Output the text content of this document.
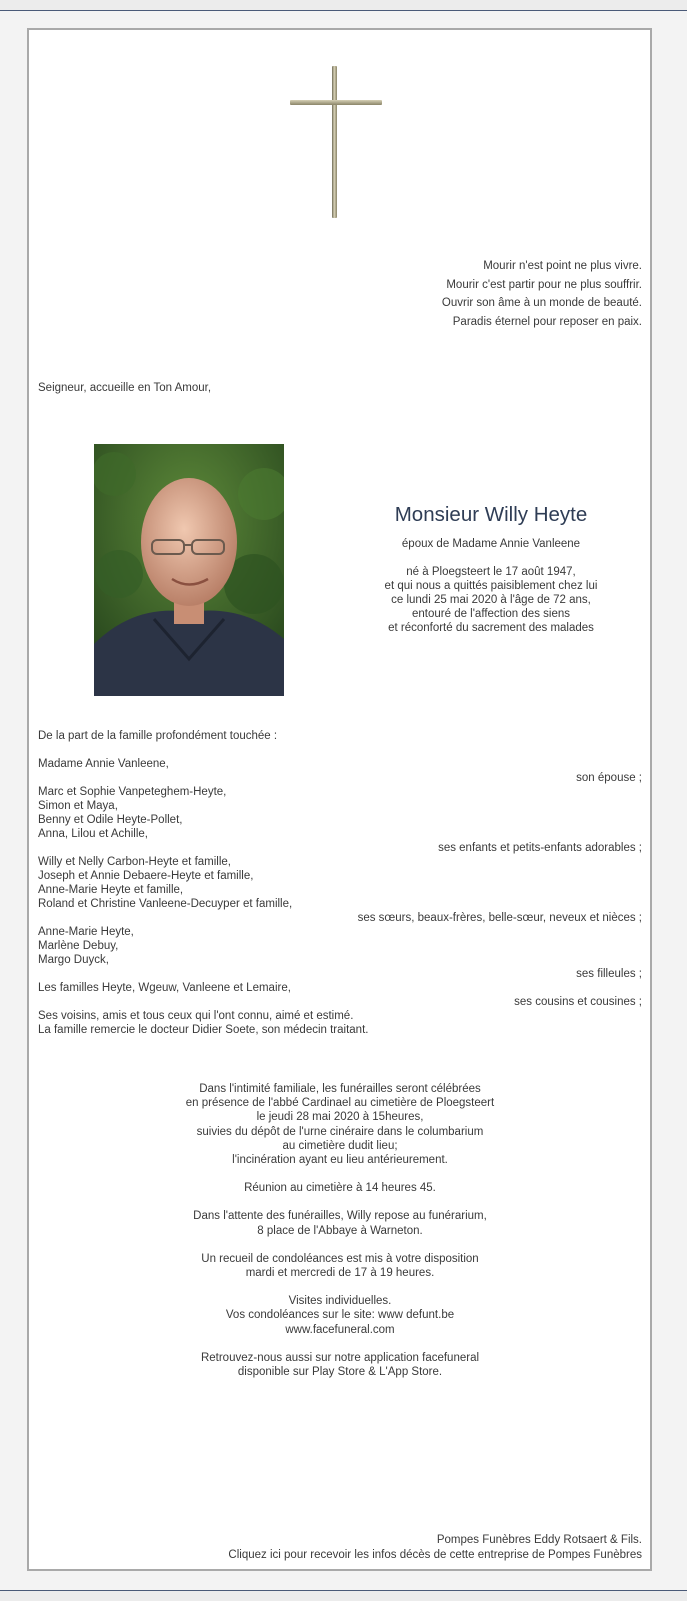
Mourir n'est point ne plus vivre.
Mourir c'est partir pour ne plus souffrir.
Ouvrir son âme à un monde de beauté.
Paradis éternel pour reposer en paix.
Seigneur, accueille en Ton Amour,
Monsieur Willy Heyte
époux de Madame Annie Vanleene
né à Ploegsteert le 17 août 1947,
et qui nous a quittés paisiblement chez lui
ce lundi 25 mai 2020 à l'âge de 72 ans,
entouré de l'affection des siens
et réconforté du sacrement des malades
De la part de la famille profondément touchée :
Madame Annie Vanleene,
son épouse ;
Marc et Sophie Vanpeteghem-Heyte,
Simon et Maya,
Benny et Odile Heyte-Pollet,
Anna, Lilou et Achille,
ses enfants et petits-enfants adorables ;
Willy et Nelly Carbon-Heyte et famille,
Joseph et Annie Debaere-Heyte et famille,
Anne-Marie Heyte et famille,
Roland et Christine Vanleene-Decuyper et famille,
ses sœurs, beaux-frères, belle-sœur, neveux et nièces ;
Anne-Marie Heyte,
Marlène Debuy,
Margo Duyck,
ses filleules ;
Les familles Heyte, Wgeuw, Vanleene et Lemaire,
ses cousins et cousines ;
Ses voisins, amis et tous ceux qui l'ont connu, aimé et estimé.
La famille remercie le docteur Didier Soete, son médecin traitant.

Dans l'intimité familiale, les funérailles seront célébrées
en présence de l'abbé Cardinael au cimetière de Ploegsteert
le jeudi 28 mai 2020 à 15heures,
suivies du dépôt de l'urne cinéraire dans le columbarium
au cimetière dudit lieu;
l'incinération ayant eu lieu antérieurement.

Réunion au cimetière à 14 heures 45.

Dans l'attente des funérailles, Willy repose au funérarium,
8 place de l'Abbaye à Warneton.

Un recueil de condoléances est mis à votre disposition
mardi et mercredi de 17 à 19 heures.

Visites individuelles.
Vos condoléances sur le site: www defunt.be
www.facefuneral.com

Retrouvez-nous aussi sur notre application facefuneral
disponible sur Play Store & L'App Store.

Pompes Funèbres Eddy Rotsaert & Fils.
Cliquez ici pour recevoir les infos décès de cette entreprise de Pompes Funèbres
